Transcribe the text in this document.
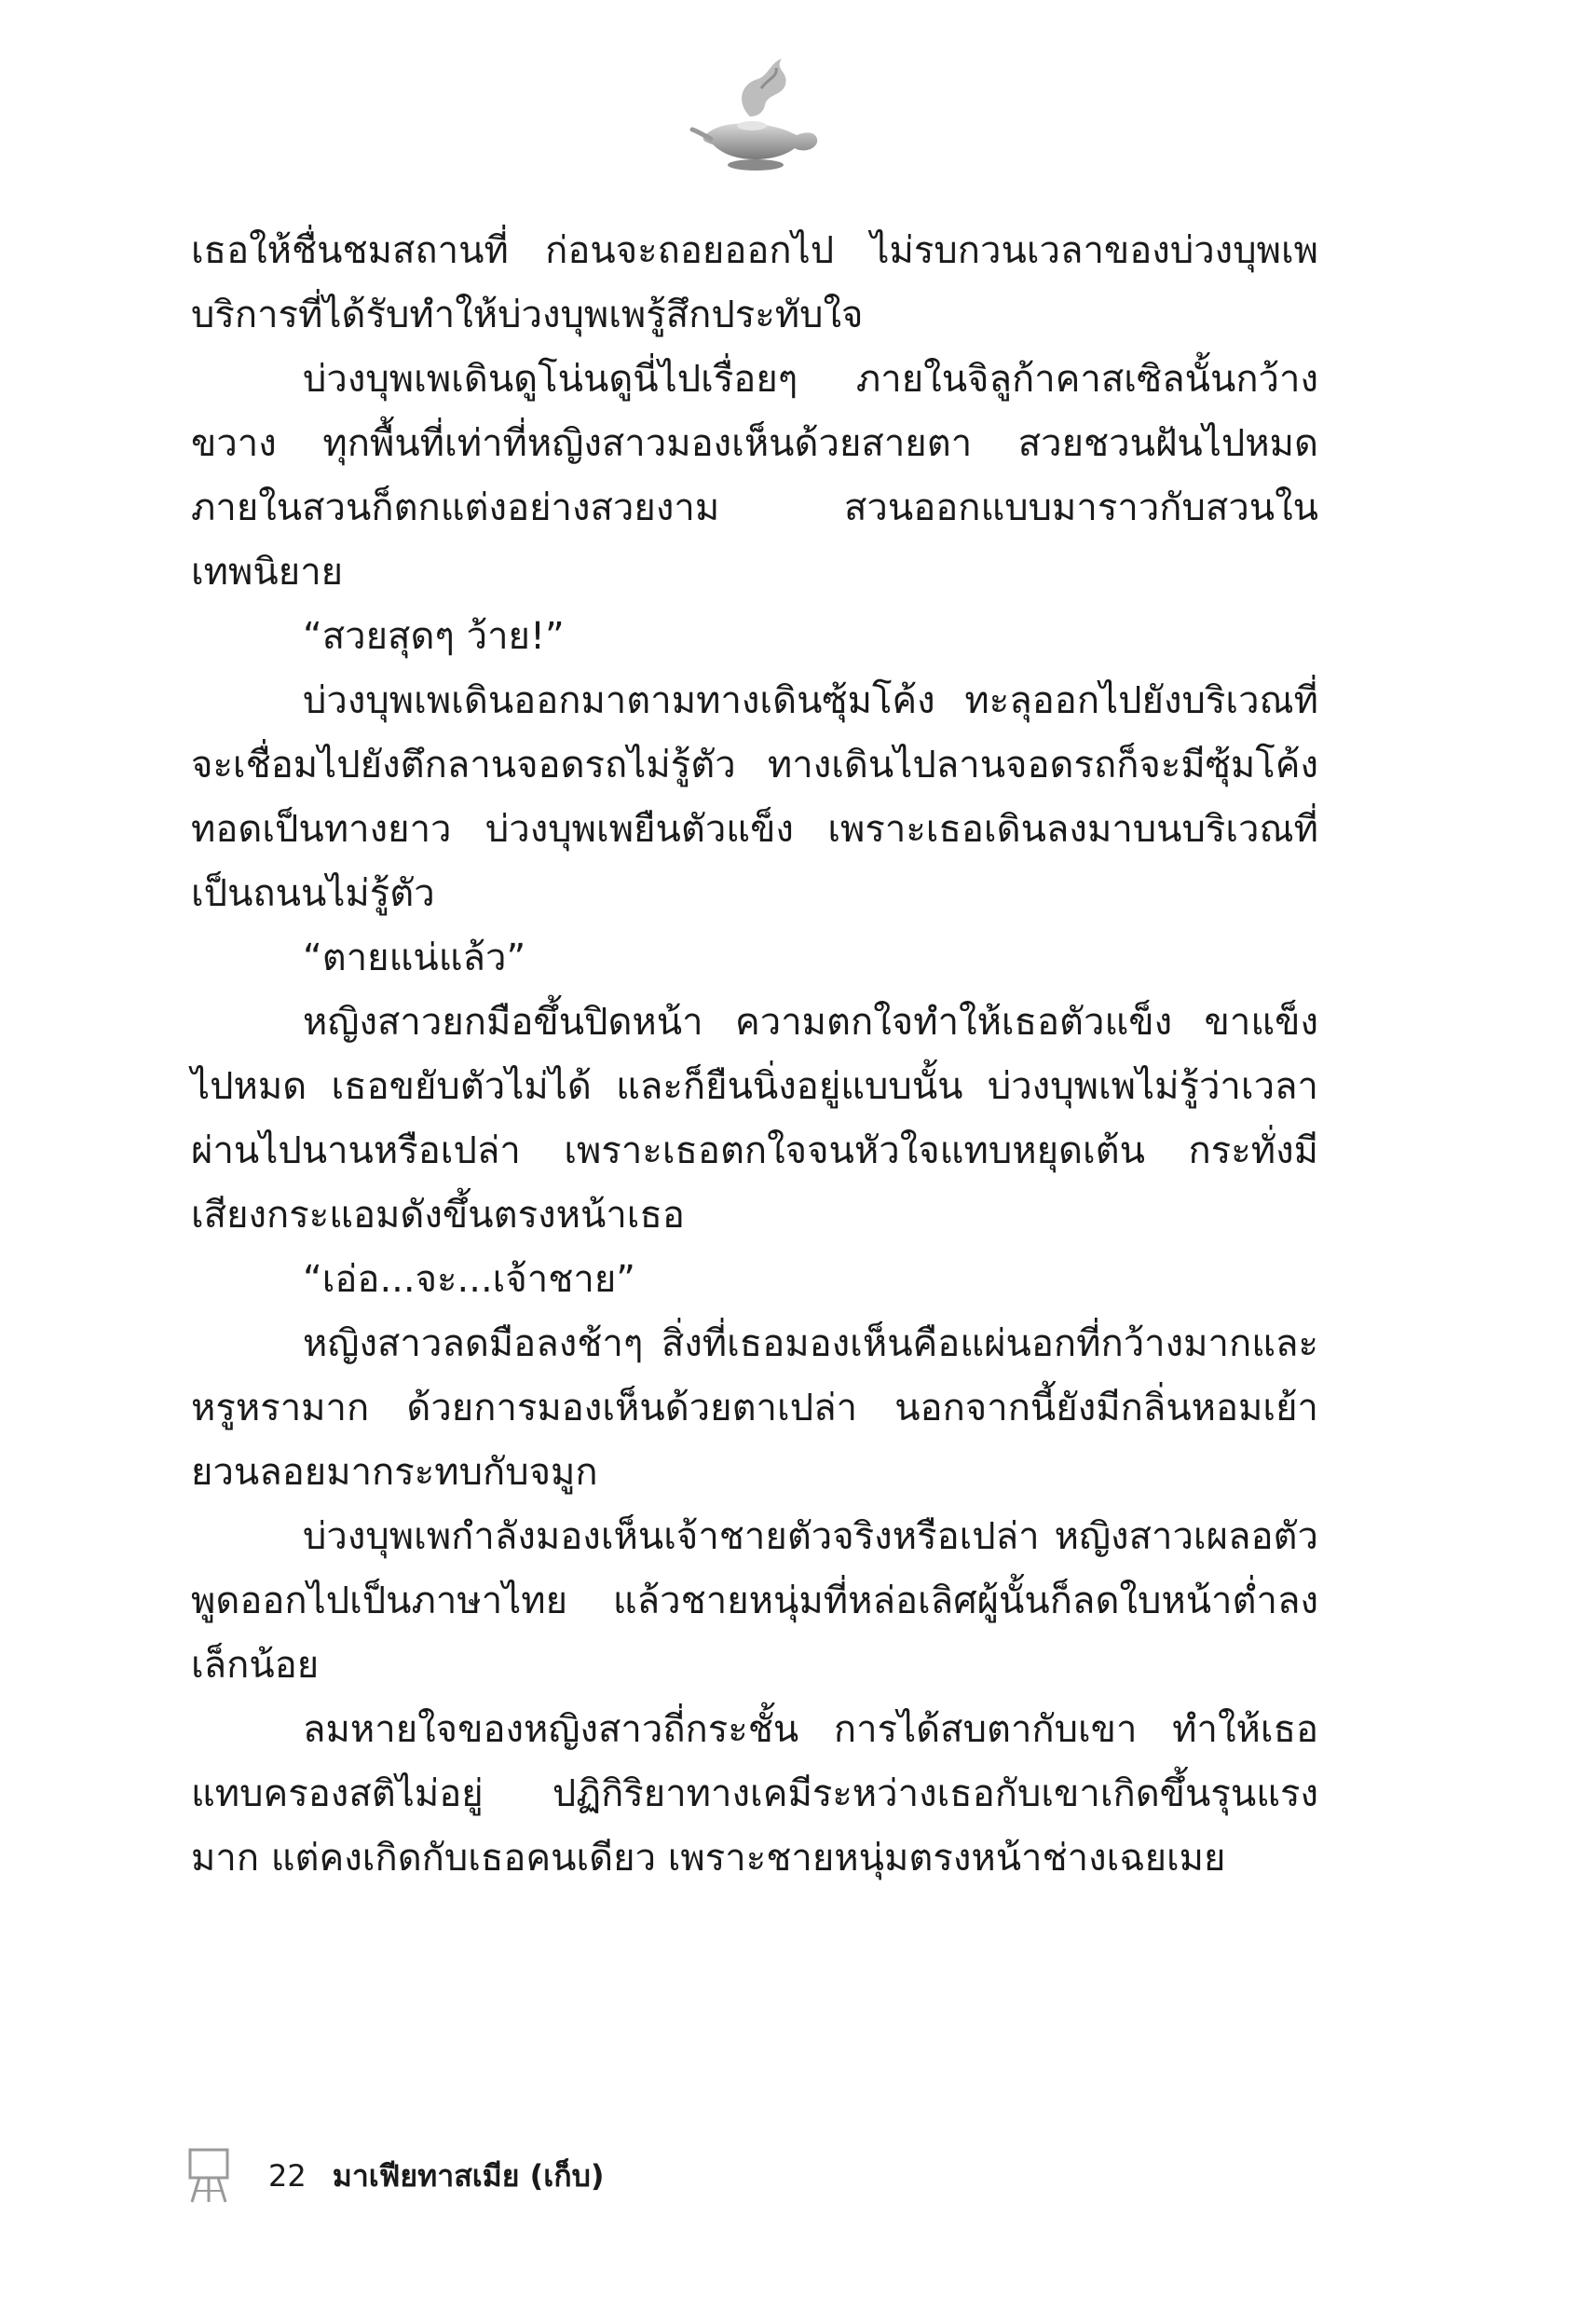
เธอให้ชื่นชมสถานที่ ก่อนจะถอยออกไป ไม่รบกวนเวลาของบ่วงบุพเพ บริการที่ได้รับทำให้บ่วงบุพเพรู้สึกประทับใจ

บ่วงบุพเพเดินดูโน่นดูนี่ไปเรื่อยๆ ภายในจิลูก้าคาสเซิลนั้นกว้างขวาง ทุกพื้นที่เท่าที่หญิงสาวมองเห็นด้วยสายตา สวยชวนฝันไปหมด ภายในสวนก็ตกแต่งอย่างสวยงาม สวนออกแบบมาราวกับสวนในเทพนิยาย

“สวยสุดๆ ว้าย!”

บ่วงบุพเพเดินออกมาตามทางเดินซุ้มโค้ง ทะลุออกไปยังบริเวณที่จะเชื่อมไปยังตึกลานจอดรถไม่รู้ตัว ทางเดินไปลานจอดรถก็จะมีซุ้มโค้งทอดเป็นทางยาว บ่วงบุพเพยืนตัวแข็ง เพราะเธอเดินลงมาบนบริเวณที่เป็นถนนไม่รู้ตัว

“ตายแน่แล้ว”

หญิงสาวยกมือขึ้นปิดหน้า ความตกใจทำให้เธอตัวแข็ง ขาแข็งไปหมด เธอขยับตัวไม่ได้ และก็ยืนนิ่งอยู่แบบนั้น บ่วงบุพเพไม่รู้ว่าเวลาผ่านไปนานหรือเปล่า เพราะเธอตกใจจนหัวใจแทบหยุดเต้น กระทั่งมีเสียงกระแอมดังขึ้นตรงหน้าเธอ

“เอ่อ...จะ...เจ้าชาย”

หญิงสาวลดมือลงช้าๆ สิ่งที่เธอมองเห็นคือแผ่นอกที่กว้างมากและหรูหรามาก ด้วยการมองเห็นด้วยตาเปล่า นอกจากนี้ยังมีกลิ่นหอมเย้ายวนลอยมากระทบกับจมูก

บ่วงบุพเพกำลังมองเห็นเจ้าชายตัวจริงหรือเปล่า หญิงสาวเผลอตัวพูดออกไปเป็นภาษาไทย แล้วชายหนุ่มที่หล่อเลิศผู้นั้นก็ลดใบหน้าต่ำลงเล็กน้อย

ลมหายใจของหญิงสาวถี่กระชั้น การได้สบตากับเขา ทำให้เธอแทบครองสติไม่อยู่ ปฏิกิริยาทางเคมีระหว่างเธอกับเขาเกิดขึ้นรุนแรงมาก แต่คงเกิดกับเธอคนเดียว เพราะชายหนุ่มตรงหน้าช่างเฉยเมย

22 มาเฟียทาสเมีย (เก็บ)
